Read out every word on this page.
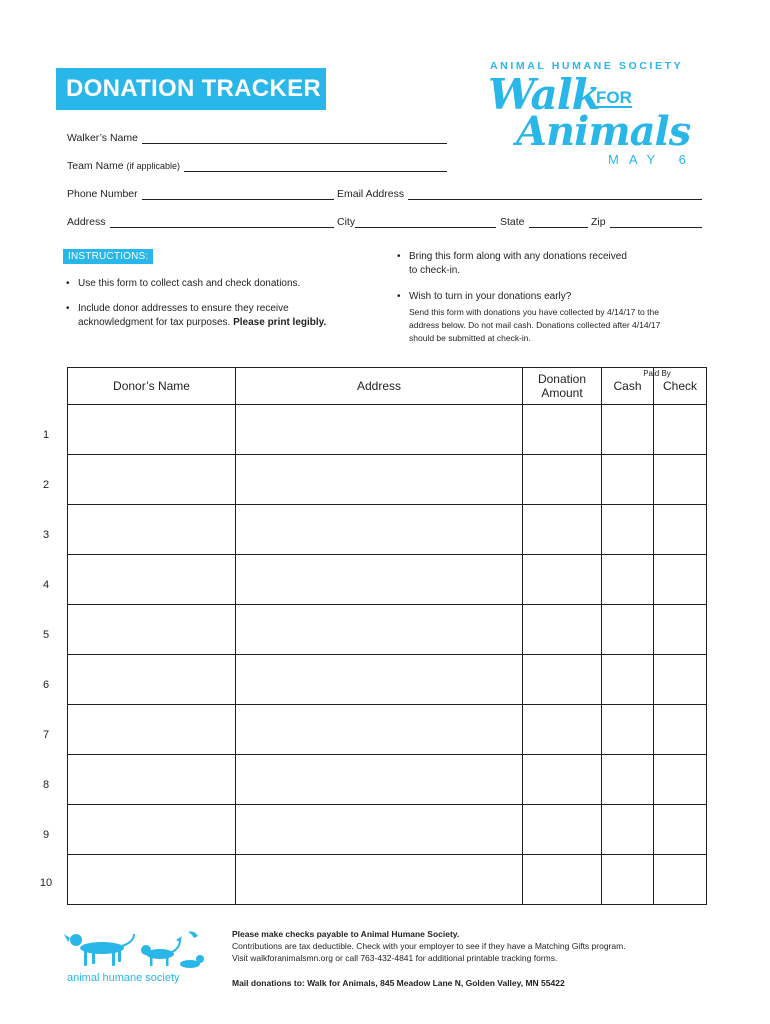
DONATION TRACKER
ANIMAL HUMANE SOCIETY
Walk
FOR
Animals
MAY 6
Walker’s Name
Team Name (if applicable)
Phone Number	Email Address
Address	City	State	Zip
INSTRUCTIONS:
• Use this form to collect cash and check donations.
• Include donor addresses to ensure they receive acknowledgment for tax purposes. Please print legibly.
• Bring this form along with any donations received to check-in.
• Wish to turn in your donations early?
Send this form with donations you have collected by 4/14/17 to the address below. Do not mail cash. Donations collected after 4/14/17 should be submitted at check-in.
Paid By
Donor’s Name	Address	Donation
Amount	Cash	Check

1
2
3
4
5
6
7
8
9
10
animal humane society
Please make checks payable to Animal Humane Society.
Contributions are tax deductible. Check with your employer to see if they have a Matching Gifts program.
Visit walkforanimalsmn.org or call 763-432-4841 for additional printable tracking forms.
Mail donations to: Walk for Animals, 845 Meadow Lane N, Golden Valley, MN 55422
